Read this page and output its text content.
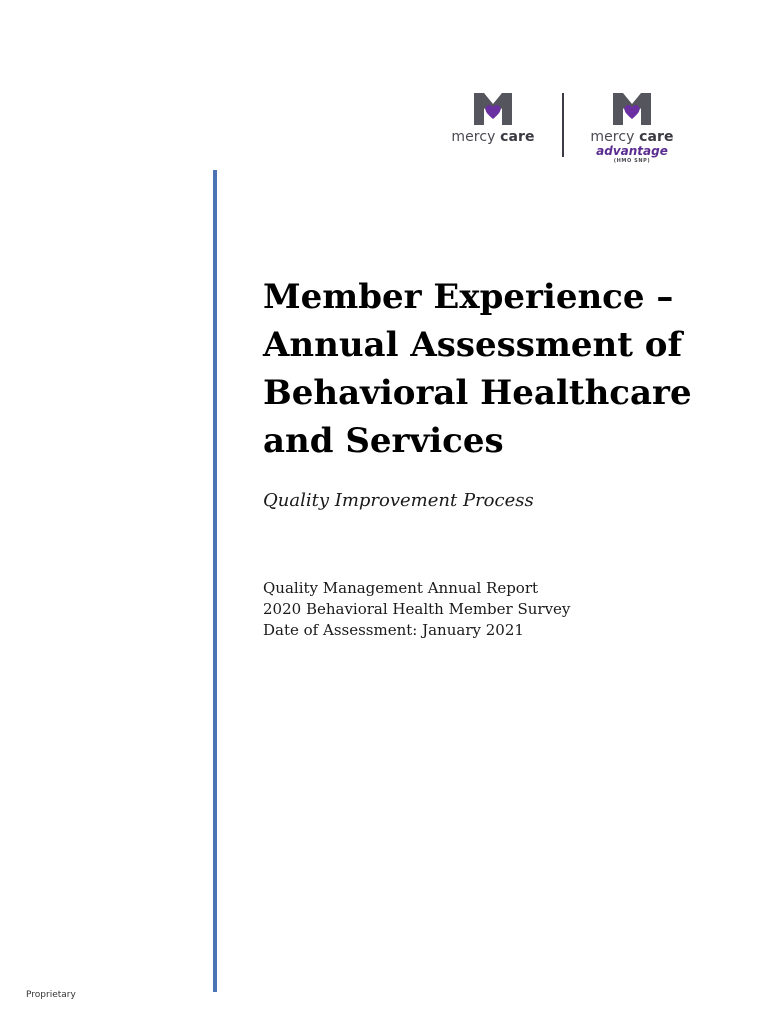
mercy care	mercy care
advantage
(HMO SNP)
Member Experience –
Annual Assessment of
Behavioral Healthcare
and Services

Quality Improvement Process

Quality Management Annual Report
2020 Behavioral Health Member Survey
Date of Assessment: January 2021
Proprietary
